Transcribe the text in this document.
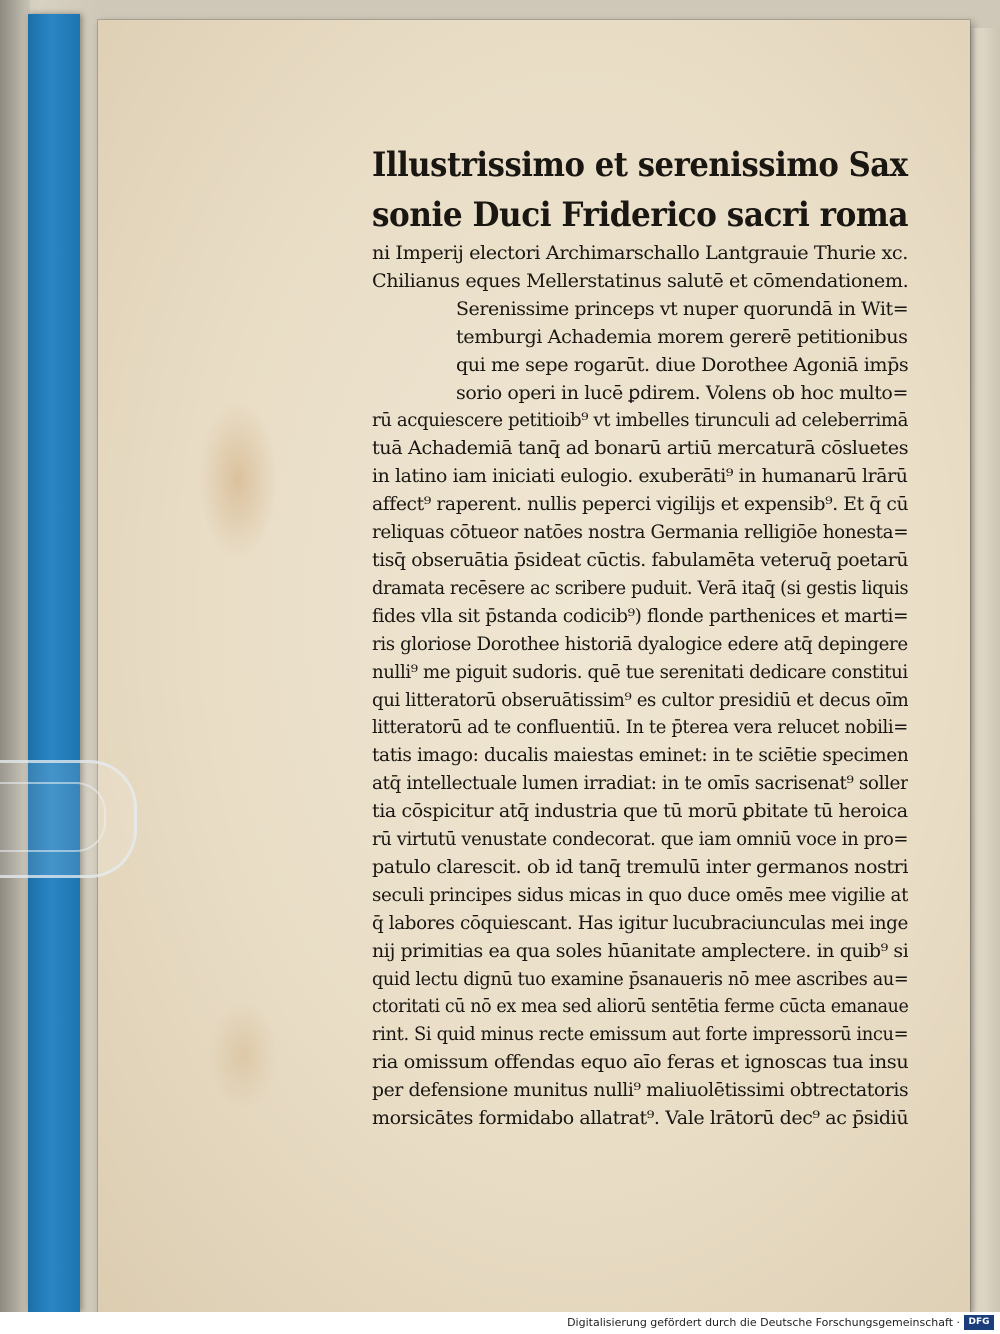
Illustrissimo et serenissimo Sax

sonie Duci Friderico sacri roma

ni Imperij electori Archimarschallo Lantgrauie Thurie xc.

Chilianus eques Mellerstatinus salutē et cōmendationem.

Serenissime princeps vt nuper quorundā in Wit=

temburgi Achademia morem gererē petitionibus

qui me sepe rogarūt. diue Dorothee Agoniā imp̄s

sorio operi in lucē ꝑdirem. Volens ob hoc multo=

rū acquiescere petitioib⁹ vt imbelles tirunculi ad celeberrimā

tuā Achademiā tanq̄ ad bonarū artiū mercaturā cōsluetes

in latino iam iniciati eulogio. exuberāti⁹ in humanarū lrārū

affect⁹ raperent. nullis peperci vigilijs et expensib⁹. Et q̄ cū

reliquas cōtueor natōes nostra Germania relligiōe honesta=

tisq̄ obseruātia p̄sideat cūctis. fabulamēta veteruq̄ poetarū

dramata recēsere ac scribere puduit. Verā itaq̄ (si gestis liquis

fides vlla sit p̄standa codicib⁹) flonde parthenices et marti=

ris gloriose Dorothee historiā dyalogice edere atq̄ depingere

nulli⁹ me piguit sudoris. quē tue serenitati dedicare constitui

qui litteratorū obseruātissim⁹ es cultor presidiū et decus oīm

litteratorū ad te confluentiū. In te p̄terea vera relucet nobili=

tatis imago: ducalis maiestas eminet: in te sciētie specimen

atq̄ intellectuale lumen irradiat: in te omīs sacrisenat⁹ soller

tia cōspicitur atq̄ industria que tū morū ꝑbitate tū heroica

rū virtutū venustate condecorat. que iam omniū voce in pro=

patulo clarescit. ob id tanq̄ tremulū inter germanos nostri

seculi principes sidus micas in quo duce omēs mee vigilie at

q̄ labores cōquiescant. Has igitur lucubraciunculas mei inge

nij primitias ea qua soles hūanitate amplectere. in quib⁹ si

quid lectu dignū tuo examine p̄sanaueris nō mee ascribes au=

ctoritati cū nō ex mea sed aliorū sentētia ferme cūcta emanaue

rint. Si quid minus recte emissum aut forte impressorū incu=

ria omissum offendas equo aīo feras et ignoscas tua insu

per defensione munitus nulli⁹ maliuolētissimi obtrectatoris

morsicātes formidabo allatrat⁹. Vale lrātorū dec⁹ ac p̄sidiū

Digitalisierung gefördert durch die Deutsche Forschungsgemeinschaft · DFG
